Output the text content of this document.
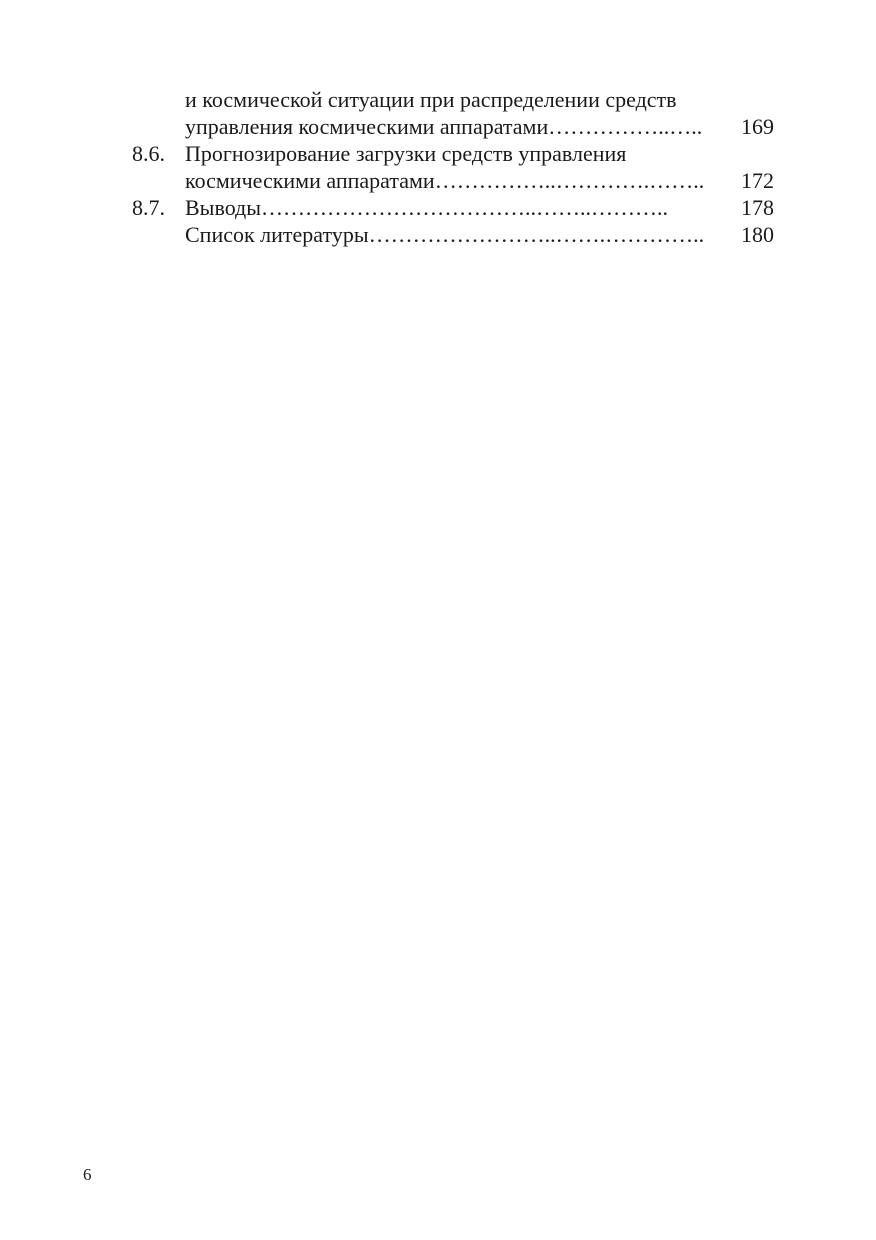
и космической ситуации при распределении средств
управления космическими аппаратами ……………..…..	169
8.6. Прогнозирование загрузки средств управления
космическими аппаратами ……………..………….……..	172
8.7. Выводы ………………………………..……..………..	178
Список литературы ……………………..…….…………..	180
6
